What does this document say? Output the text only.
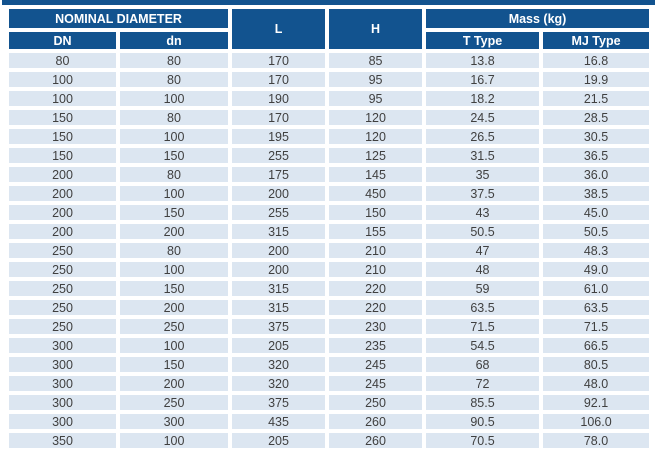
NOMINAL DIAMETER		L	H	Mass (kg)	
DN	dn			T Type	MJ Type
80	80	170	85	13.8	16.8
100	80	170	95	16.7	19.9
100	100	190	95	18.2	21.5
150	80	170	120	24.5	28.5
150	100	195	120	26.5	30.5
150	150	255	125	31.5	36.5
200	80	175	145	35	36.0
200	100	200	450	37.5	38.5
200	150	255	150	43	45.0
200	200	315	155	50.5	50.5
250	80	200	210	47	48.3
250	100	200	210	48	49.0
250	150	315	220	59	61.0
250	200	315	220	63.5	63.5
250	250	375	230	71.5	71.5
300	100	205	235	54.5	66.5
300	150	320	245	68	80.5
300	200	320	245	72	48.0
300	250	375	250	85.5	92.1
300	300	435	260	90.5	106.0
350	100	205	260	70.5	78.0
